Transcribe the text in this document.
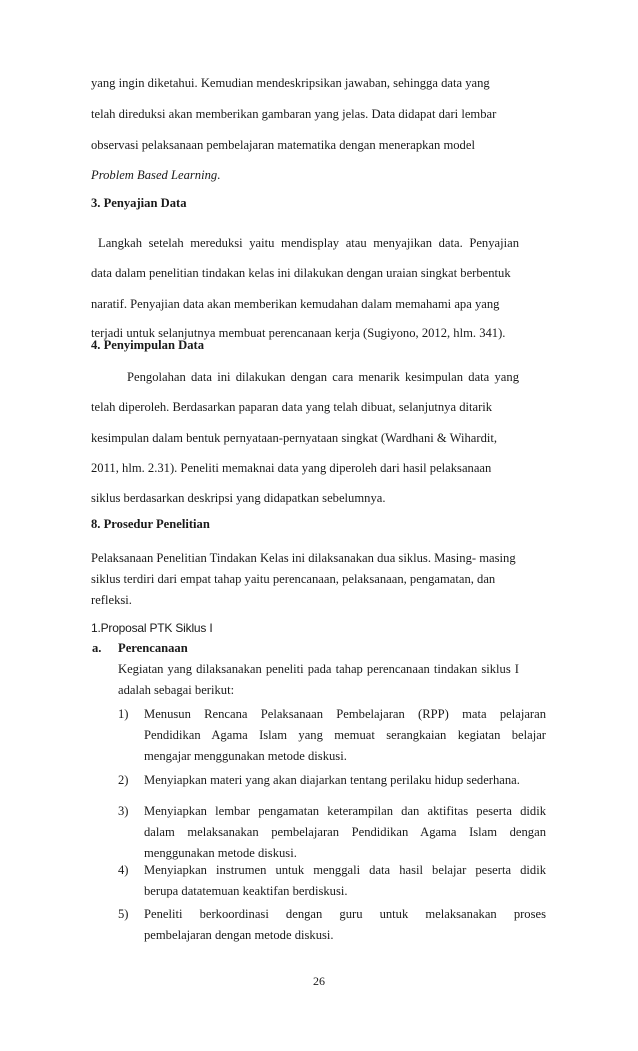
yang ingin diketahui. Kemudian mendeskripsikan jawaban, sehingga data yang
telah direduksi akan memberikan gambaran yang jelas. Data didapat dari lembar
observasi pelaksanaan pembelajaran matematika dengan menerapkan model
Problem Based Learning.
3. Penyajian Data
Langkah setelah mereduksi yaitu mendisplay atau menyajikan data. Penyajian
data dalam penelitian tindakan kelas ini dilakukan dengan uraian singkat berbentuk
naratif. Penyajian data akan memberikan kemudahan dalam memahami apa yang
terjadi untuk selanjutnya membuat perencanaan kerja (Sugiyono, 2012, hlm. 341).
4. Penyimpulan Data
Pengolahan data ini dilakukan dengan cara menarik kesimpulan data yang
telah diperoleh. Berdasarkan paparan data yang telah dibuat, selanjutnya ditarik
kesimpulan dalam bentuk pernyataan-pernyataan singkat (Wardhani & Wihardit,
2011, hlm. 2.31). Peneliti memaknai data yang diperoleh dari hasil pelaksanaan
siklus berdasarkan deskripsi yang didapatkan sebelumnya.
8. Prosedur Penelitian
Pelaksanaan Penelitian Tindakan Kelas ini dilaksanakan dua siklus. Masing- masing
siklus terdiri dari empat tahap yaitu perencanaan, pelaksanaan, pengamatan, dan
refleksi.
1.Proposal PTK Siklus I
a. Perencanaan
Kegiatan yang dilaksanakan peneliti pada tahap perencanaan tindakan siklus I
adalah sebagai berikut:
1)	Menusun Rencana Pelaksanaan Pembelajaran (RPP) mata pelajaran
Pendidikan Agama Islam yang memuat serangkaian kegiatan belajar
mengajar menggunakan metode diskusi.
2)	Menyiapkan materi yang akan diajarkan tentang perilaku hidup sederhana.
3)	Menyiapkan lembar pengamatan keterampilan dan aktifitas peserta didik
dalam melaksanakan pembelajaran Pendidikan Agama Islam dengan
menggunakan metode diskusi.
4)	Menyiapkan instrumen untuk menggali data hasil belajar peserta didik
berupa datatemuan keaktifan berdiskusi.
5)	Peneliti berkoordinasi dengan guru untuk melaksanakan proses
pembelajaran dengan metode diskusi.
26
